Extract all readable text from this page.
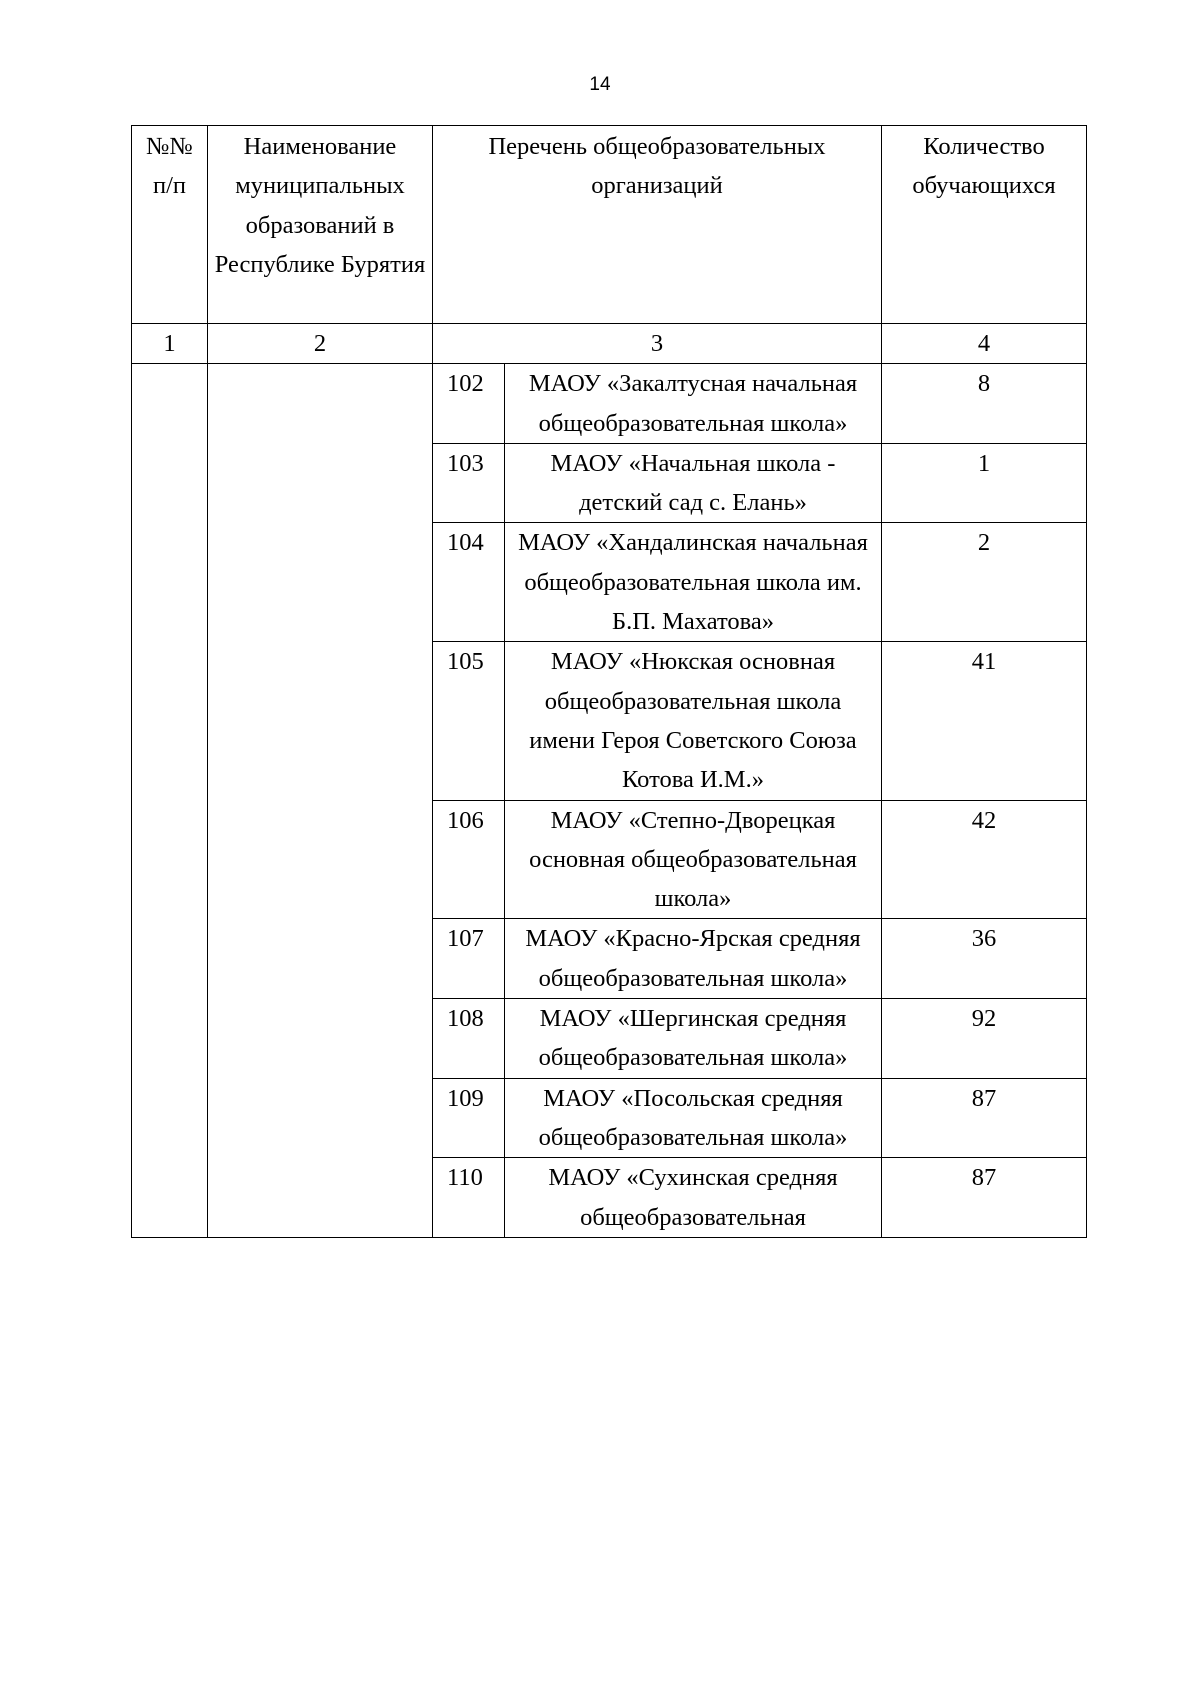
14
№№ п/п	Наименование муниципальных образований в Республике Бурятия	Перечень общеобразовательных организаций		Количество обучающихся

1	2	3		4
		102	МАОУ «Закалтусная начальная общеобразовательная школа»	8
		103	МАОУ «Начальная школа - детский сад с. Елань»	1
		104	МАОУ «Хандалинская начальная общеобразовательная школа им. Б.П. Махатова»	2
		105	МАОУ «Нюкская основная общеобразовательная школа имени Героя Советского Союза Котова И.М.»	41
		106	МАОУ «Степно-Дворецкая основная общеобразовательная школа»	42
		107	МАОУ «Красно-Ярская средняя общеобразовательная школа»	36
		108	МАОУ «Шергинская средняя общеобразовательная школа»	92
		109	МАОУ «Посольская средняя общеобразовательная школа»	87
		110	МАОУ «Сухинская средняя общеобразовательная	87
